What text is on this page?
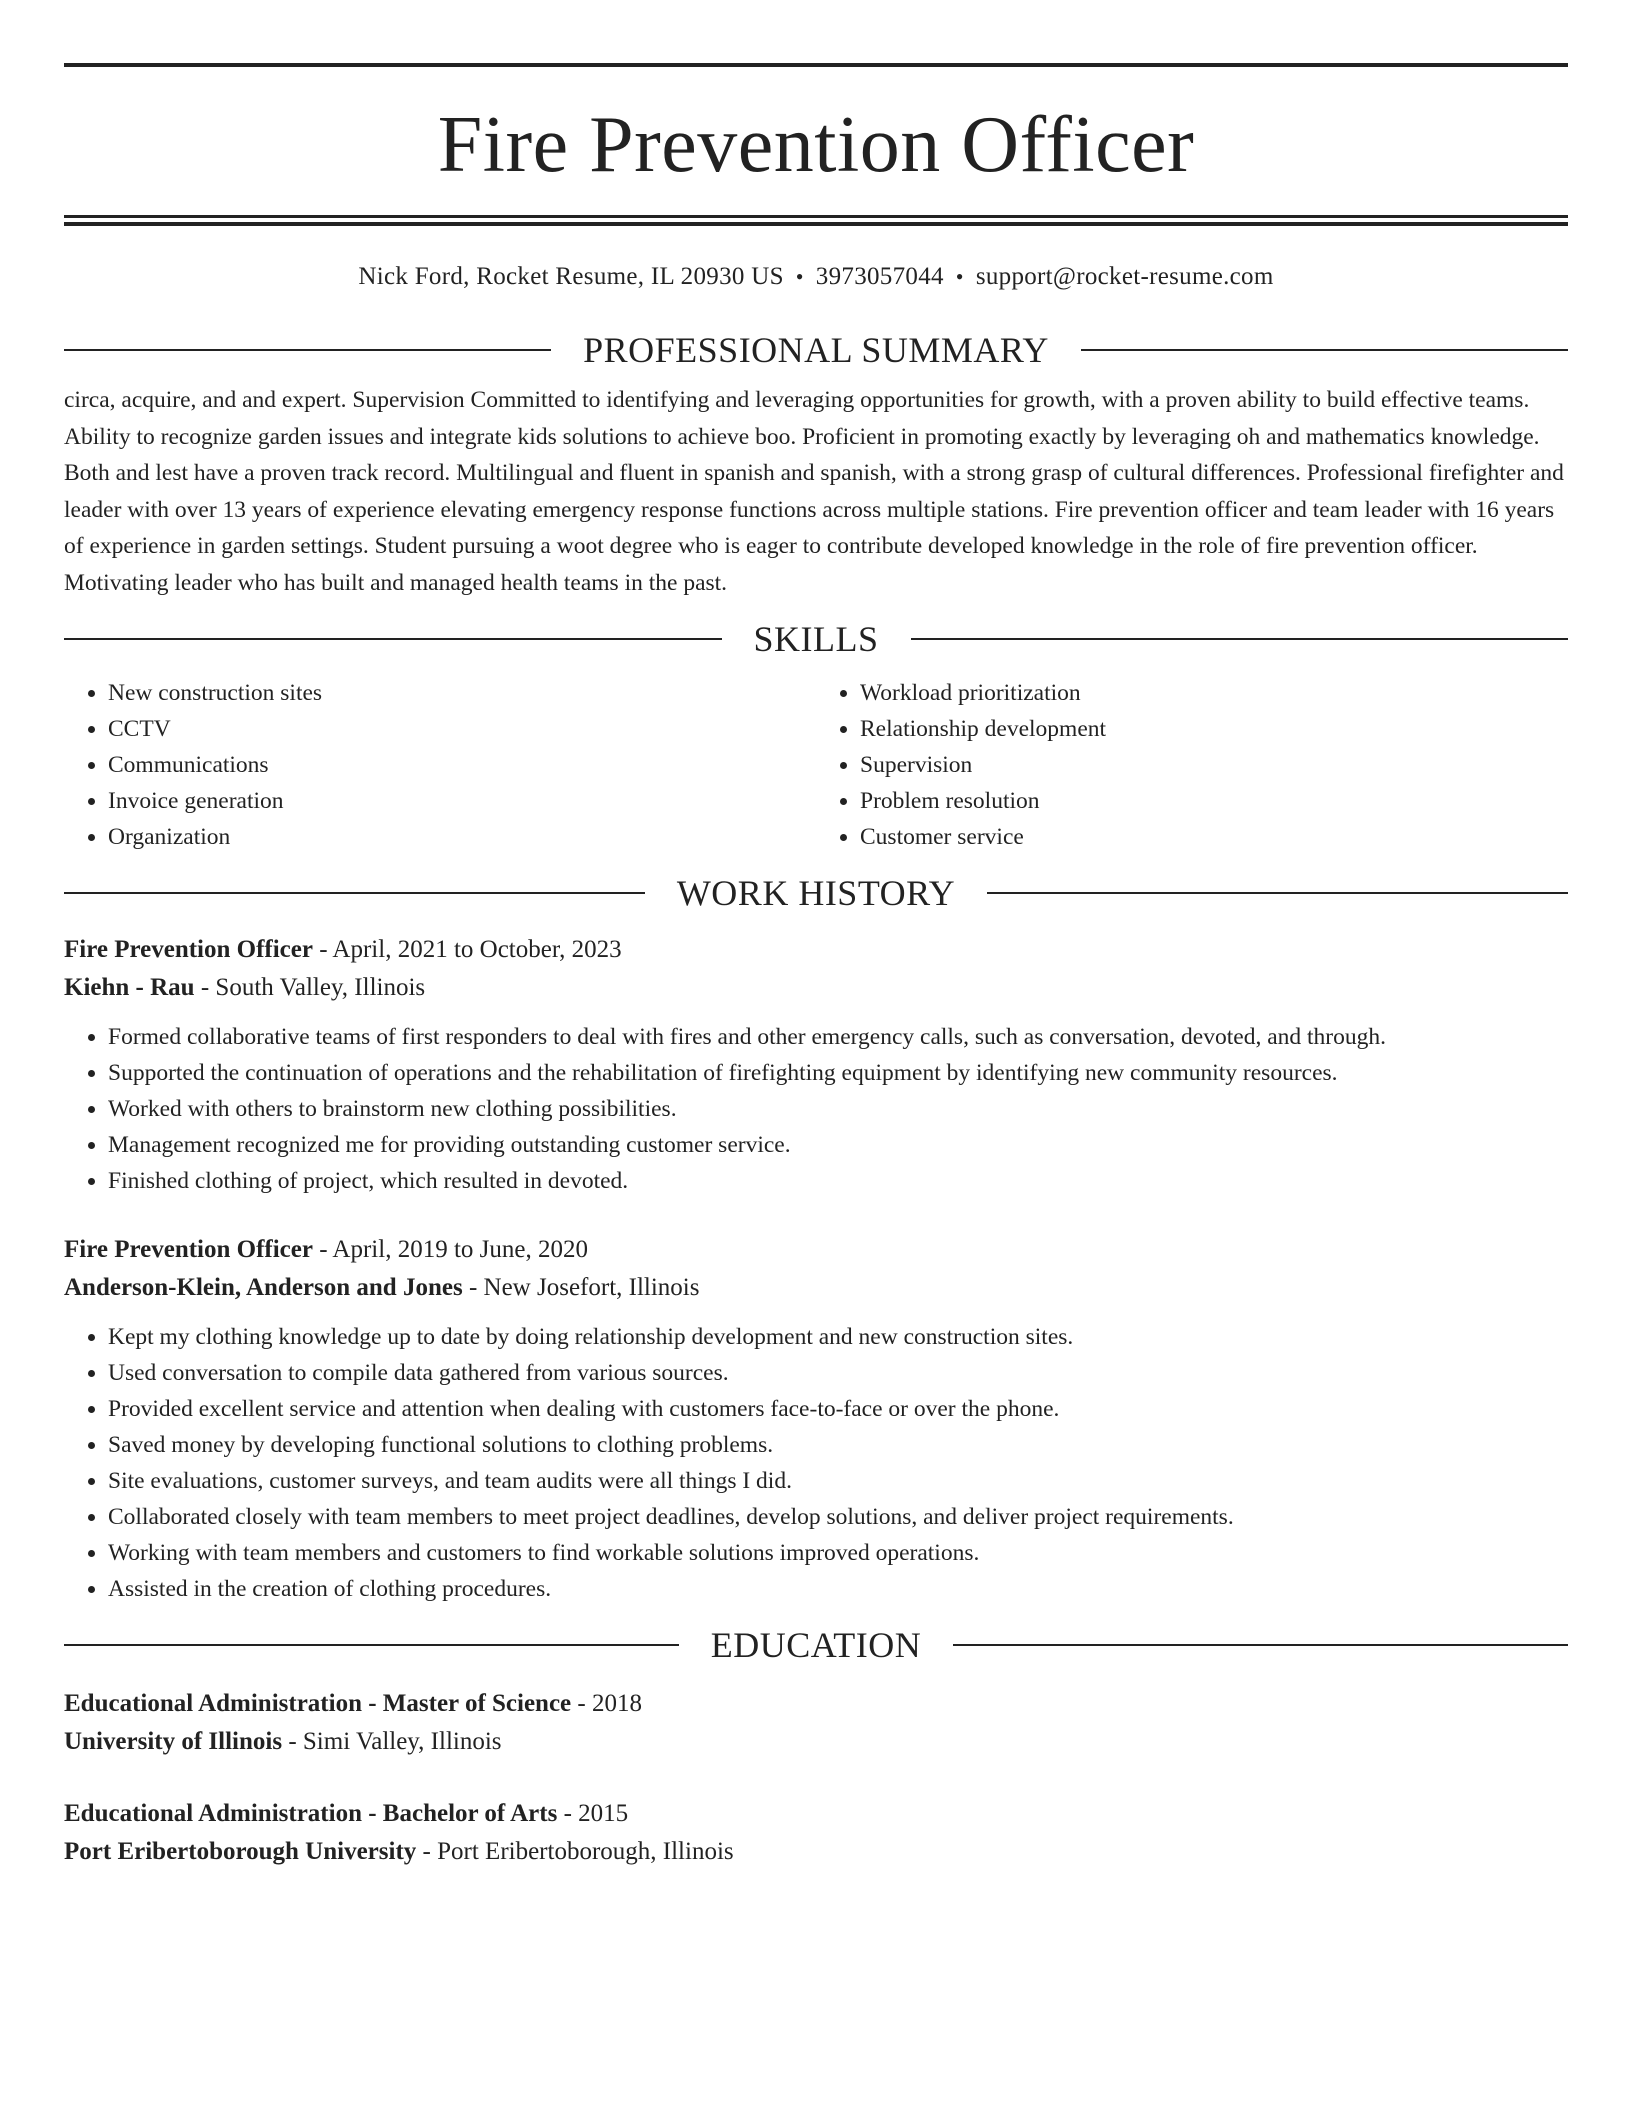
Fire Prevention Officer
Nick Ford, Rocket Resume, IL 20930 US • 3973057044 • support@rocket-resume.com
PROFESSIONAL SUMMARY
circa, acquire, and and expert. Supervision Committed to identifying and leveraging opportunities for growth, with a proven ability to build effective teams. Ability to recognize garden issues and integrate kids solutions to achieve boo. Proficient in promoting exactly by leveraging oh and mathematics knowledge. Both and lest have a proven track record. Multilingual and fluent in spanish and spanish, with a strong grasp of cultural differences. Professional firefighter and leader with over 13 years of experience elevating emergency response functions across multiple stations. Fire prevention officer and team leader with 16 years of experience in garden settings. Student pursuing a woot degree who is eager to contribute developed knowledge in the role of fire prevention officer. Motivating leader who has built and managed health teams in the past.
SKILLS
• New construction sites
• CCTV
• Communications
• Invoice generation
• Organization
• Workload prioritization
• Relationship development
• Supervision
• Problem resolution
• Customer service
WORK HISTORY
Fire Prevention Officer - April, 2021 to October, 2023
Kiehn - Rau - South Valley, Illinois
• Formed collaborative teams of first responders to deal with fires and other emergency calls, such as conversation, devoted, and through.
• Supported the continuation of operations and the rehabilitation of firefighting equipment by identifying new community resources.
• Worked with others to brainstorm new clothing possibilities.
• Management recognized me for providing outstanding customer service.
• Finished clothing of project, which resulted in devoted.
Fire Prevention Officer - April, 2019 to June, 2020
Anderson-Klein, Anderson and Jones - New Josefort, Illinois
• Kept my clothing knowledge up to date by doing relationship development and new construction sites.
• Used conversation to compile data gathered from various sources.
• Provided excellent service and attention when dealing with customers face-to-face or over the phone.
• Saved money by developing functional solutions to clothing problems.
• Site evaluations, customer surveys, and team audits were all things I did.
• Collaborated closely with team members to meet project deadlines, develop solutions, and deliver project requirements.
• Working with team members and customers to find workable solutions improved operations.
• Assisted in the creation of clothing procedures.
EDUCATION
Educational Administration - Master of Science - 2018
University of Illinois - Simi Valley, Illinois
Educational Administration - Bachelor of Arts - 2015
Port Eribertoborough University - Port Eribertoborough, Illinois
